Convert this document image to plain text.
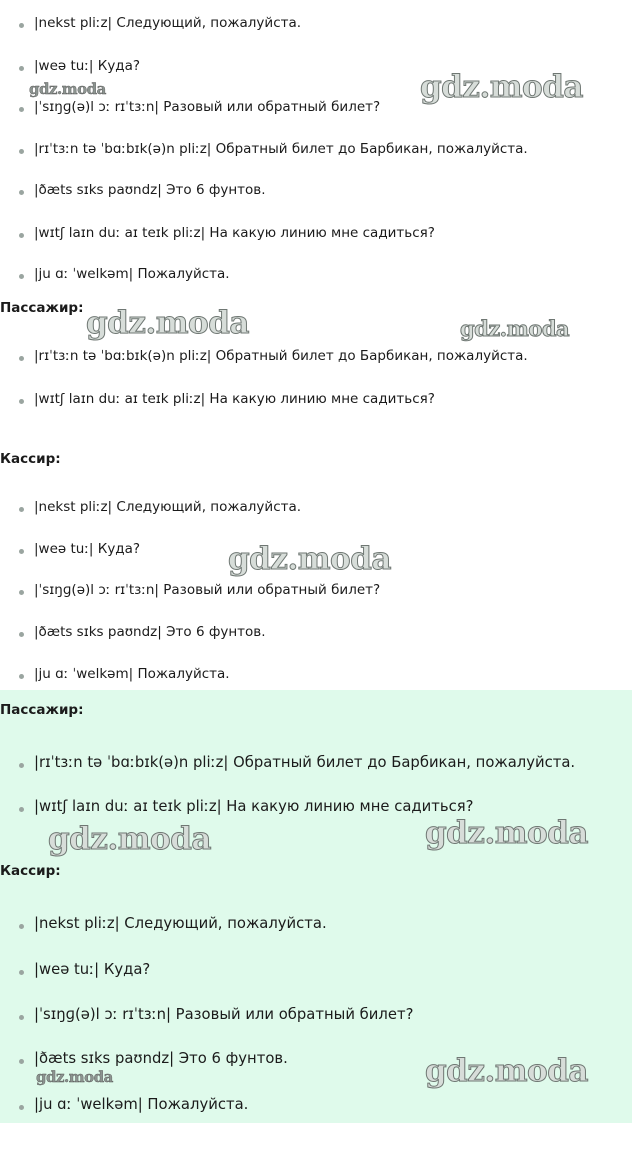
|nekst pliːz| Следующий, пожалуйста.
|weə tuː| Куда?
|ˈsɪŋɡ(ə)l ɔː rɪˈtɜːn| Разовый или обратный билет?
|rɪˈtɜːn tə ˈbɑːbɪk(ə)n pliːz| Обратный билет до Барбикан, пожалуйста.
|ðæts sɪks paʊndz| Это 6 фунтов.
|wɪtʃ laɪn duː aɪ teɪk pliːz| На какую линию мне садиться?
|ju ɑː ˈwelkəm| Пожалуйста.
Пассажир:
|rɪˈtɜːn tə ˈbɑːbɪk(ə)n pliːz| Обратный билет до Барбикан, пожалуйста.
|wɪtʃ laɪn duː aɪ teɪk pliːz| На какую линию мне садиться?
Кассир:
|nekst pliːz| Следующий, пожалуйста.
|weə tuː| Куда?
|ˈsɪŋɡ(ə)l ɔː rɪˈtɜːn| Разовый или обратный билет?
|ðæts sɪks paʊndz| Это 6 фунтов.
|ju ɑː ˈwelkəm| Пожалуйста.
Пассажир:
|rɪˈtɜːn tə ˈbɑːbɪk(ə)n pliːz| Обратный билет до Барбикан, пожалуйста.
|wɪtʃ laɪn duː aɪ teɪk pliːz| На какую линию мне садиться?
Кассир:
|nekst pliːz| Следующий, пожалуйста.
|weə tuː| Куда?
|ˈsɪŋɡ(ə)l ɔː rɪˈtɜːn| Разовый или обратный билет?
|ðæts sɪks paʊndz| Это 6 фунтов.
|ju ɑː ˈwelkəm| Пожалуйста.
gdz.moda
gdz.moda
gdz.moda	gdz.moda
gdz.moda
gdz.moda	gdz.moda
gdz.moda
gdz.moda
